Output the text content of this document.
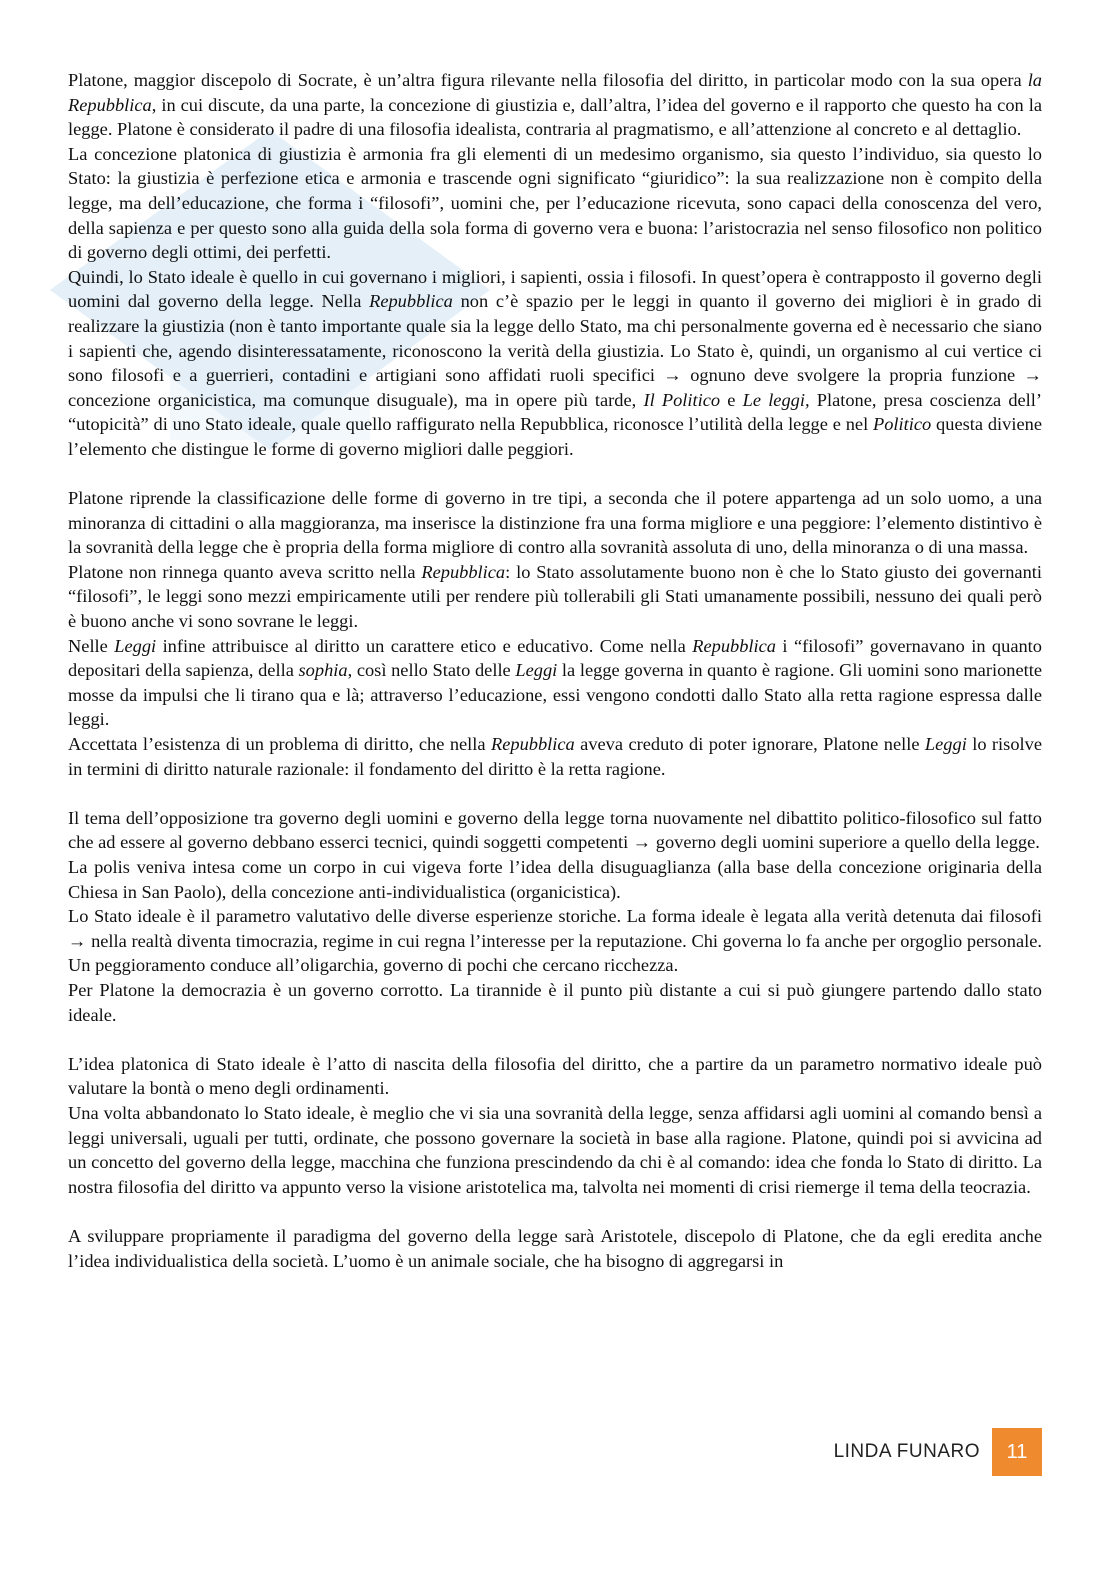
Platone, maggior discepolo di Socrate, è un’altra figura rilevante nella filosofia del diritto, in particolar modo con la sua opera la Repubblica, in cui discute, da una parte, la concezione di giustizia e, dall’altra, l’idea del governo e il rapporto che questo ha con la legge. Platone è considerato il padre di una filosofia idealista, contraria al pragmatismo, e all’attenzione al concreto e al dettaglio.

La concezione platonica di giustizia è armonia fra gli elementi di un medesimo organismo, sia questo l’individuo, sia questo lo Stato: la giustizia è perfezione etica e armonia e trascende ogni significato “giuridico”: la sua realizzazione non è compito della legge, ma dell’educazione, che forma i “filosofi”, uomini che, per l’educazione ricevuta, sono capaci della conoscenza del vero, della sapienza e per questo sono alla guida della sola forma di governo vera e buona: l’aristocrazia nel senso filosofico non politico di governo degli ottimi, dei perfetti.

Quindi, lo Stato ideale è quello in cui governano i migliori, i sapienti, ossia i filosofi. In quest’opera è contrapposto il governo degli uomini dal governo della legge. Nella Repubblica non c’è spazio per le leggi in quanto il governo dei migliori è in grado di realizzare la giustizia (non è tanto importante quale sia la legge dello Stato, ma chi personalmente governa ed è necessario che siano i sapienti che, agendo disinteressatamente, riconoscono la verità della giustizia. Lo Stato è, quindi, un organismo al cui vertice ci sono filosofi e a guerrieri, contadini e artigiani sono affidati ruoli specifici → ognuno deve svolgere la propria funzione → concezione organicistica, ma comunque disuguale), ma in opere più tarde, Il Politico e Le leggi, Platone, presa coscienza dell’ “utopicità” di uno Stato ideale, quale quello raffigurato nella Repubblica, riconosce l’utilità della legge e nel Politico questa diviene l’elemento che distingue le forme di governo migliori dalle peggiori.

Platone riprende la classificazione delle forme di governo in tre tipi, a seconda che il potere appartenga ad un solo uomo, a una minoranza di cittadini o alla maggioranza, ma inserisce la distinzione fra una forma migliore e una peggiore: l’elemento distintivo è la sovranità della legge che è propria della forma migliore di contro alla sovranità assoluta di uno, della minoranza o di una massa.

Platone non rinnega quanto aveva scritto nella Repubblica: lo Stato assolutamente buono non è che lo Stato giusto dei governanti “filosofi”, le leggi sono mezzi empiricamente utili per rendere più tollerabili gli Stati umanamente possibili, nessuno dei quali però è buono anche vi sono sovrane le leggi.

Nelle Leggi infine attribuisce al diritto un carattere etico e educativo. Come nella Repubblica i “filosofi” governavano in quanto depositari della sapienza, della sophia, così nello Stato delle Leggi la legge governa in quanto è ragione. Gli uomini sono marionette mosse da impulsi che li tirano qua e là; attraverso l’educazione, essi vengono condotti dallo Stato alla retta ragione espressa dalle leggi.

Accettata l’esistenza di un problema di diritto, che nella Repubblica aveva creduto di poter ignorare, Platone nelle Leggi lo risolve in termini di diritto naturale razionale: il fondamento del diritto è la retta ragione.

Il tema dell’opposizione tra governo degli uomini e governo della legge torna nuovamente nel dibattito politico-filosofico sul fatto che ad essere al governo debbano esserci tecnici, quindi soggetti competenti → governo degli uomini superiore a quello della legge.

La polis veniva intesa come un corpo in cui vigeva forte l’idea della disuguaglianza (alla base della concezione originaria della Chiesa in San Paolo), della concezione anti-individualistica (organicistica).

Lo Stato ideale è il parametro valutativo delle diverse esperienze storiche. La forma ideale è legata alla verità detenuta dai filosofi → nella realtà diventa timocrazia, regime in cui regna l’interesse per la reputazione. Chi governa lo fa anche per orgoglio personale. Un peggioramento conduce all’oligarchia, governo di pochi che cercano ricchezza.

Per Platone la democrazia è un governo corrotto. La tirannide è il punto più distante a cui si può giungere partendo dallo stato ideale.

L’idea platonica di Stato ideale è l’atto di nascita della filosofia del diritto, che a partire da un parametro normativo ideale può valutare la bontà o meno degli ordinamenti.

Una volta abbandonato lo Stato ideale, è meglio che vi sia una sovranità della legge, senza affidarsi agli uomini al comando bensì a leggi universali, uguali per tutti, ordinate, che possono governare la società in base alla ragione. Platone, quindi poi si avvicina ad un concetto del governo della legge, macchina che funziona prescindendo da chi è al comando: idea che fonda lo Stato di diritto. La nostra filosofia del diritto va appunto verso la visione aristotelica ma, talvolta nei momenti di crisi riemerge il tema della teocrazia.

A sviluppare propriamente il paradigma del governo della legge sarà Aristotele, discepolo di Platone, che da egli eredita anche l’idea individualistica della società. L’uomo è un animale sociale, che ha bisogno di aggregarsi in

LINDA FUNARO	11
